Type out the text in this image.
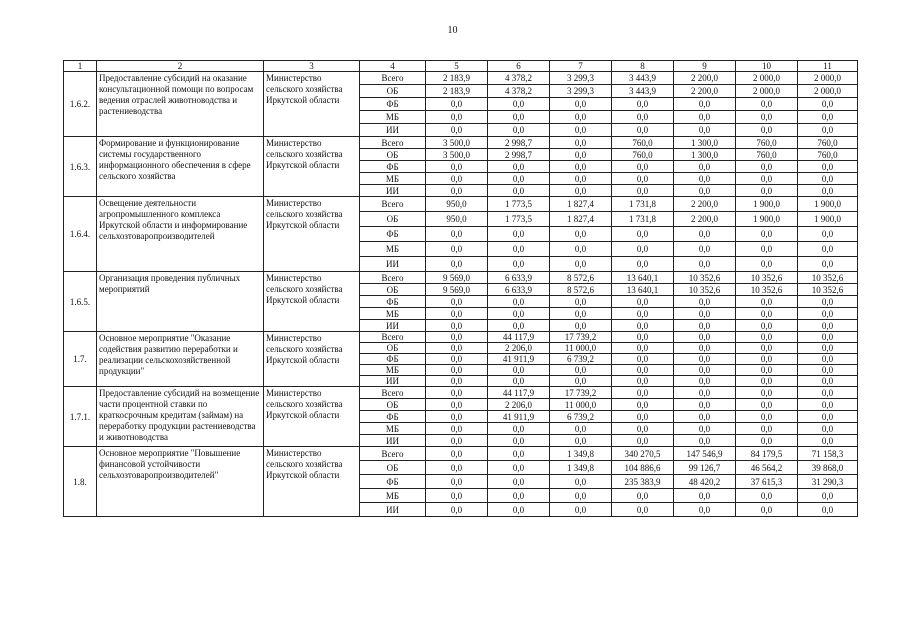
10
1	2	3	4	5	6	7	8	9	10	11
1.6.2.	Предоставление субсидий на оказание консультационной помощи по вопросам ведения отраслей животноводства и растениеводства	Министерство сельского хозяйства Иркутской области	Всего	2 183,9	4 378,2	3 299,3	3 443,9	2 200,0	2 000,0	2 000,0
			ОБ	2 183,9	4 378,2	3 299,3	3 443,9	2 200,0	2 000,0	2 000,0
			ФБ	0,0	0,0	0,0	0,0	0,0	0,0	0,0
			МБ	0,0	0,0	0,0	0,0	0,0	0,0	0,0
			ИИ	0,0	0,0	0,0	0,0	0,0	0,0	0,0
1.6.3.	Формирование и функционирование системы государственного информационного обеспечения в сфере сельского хозяйства	Министерство сельского хозяйства Иркутской области	Всего	3 500,0	2 998,7	0,0	760,0	1 300,0	760,0	760,0
			ОБ	3 500,0	2 998,7	0,0	760,0	1 300,0	760,0	760,0
			ФБ	0,0	0,0	0,0	0,0	0,0	0,0	0,0
			МБ	0,0	0,0	0,0	0,0	0,0	0,0	0,0
			ИИ	0,0	0,0	0,0	0,0	0,0	0,0	0,0
1.6.4.	Освещение деятельности агропромышленного комплекса Иркутской области и информирование сельхозтоваропроизводителей	Министерство сельского хозяйства Иркутской области	Всего	950,0	1 773,5	1 827,4	1 731,8	2 200,0	1 900,0	1 900,0
			ОБ	950,0	1 773,5	1 827,4	1 731,8	2 200,0	1 900,0	1 900,0
			ФБ	0,0	0,0	0,0	0,0	0,0	0,0	0,0
			МБ	0,0	0,0	0,0	0,0	0,0	0,0	0,0
			ИИ	0,0	0,0	0,0	0,0	0,0	0,0	0,0
1.6.5.	Организация проведения публичных мероприятий	Министерство сельского хозяйства Иркутской области	Всего	9 569,0	6 633,9	8 572,6	13 640,1	10 352,6	10 352,6	10 352,6
			ОБ	9 569,0	6 633,9	8 572,6	13 640,1	10 352,6	10 352,6	10 352,6
			ФБ	0,0	0,0	0,0	0,0	0,0	0,0	0,0
			МБ	0,0	0,0	0,0	0,0	0,0	0,0	0,0
			ИИ	0,0	0,0	0,0	0,0	0,0	0,0	0,0
1.7.	Основное мероприятие "Оказание содействия развитию переработки и реализации сельскохозяйственной продукции"	Министерство сельского хозяйства Иркутской области	Всего	0,0	44 117,9	17 739,2	0,0	0,0	0,0	0,0
			ОБ	0,0	2 206,0	11 000,0	0,0	0,0	0,0	0,0
			ФБ	0,0	41 911,9	6 739,2	0,0	0,0	0,0	0,0
			МБ	0,0	0,0	0,0	0,0	0,0	0,0	0,0
			ИИ	0,0	0,0	0,0	0,0	0,0	0,0	0,0
1.7.1.	Предоставление субсидий на возмещение части процентной ставки по краткосрочным кредитам (займам) на переработку продукции растениеводства и животноводства	Министерство сельского хозяйства Иркутской области	Всего	0,0	44 117,9	17 739,2	0,0	0,0	0,0	0,0
			ОБ	0,0	2 206,0	11 000,0	0,0	0,0	0,0	0,0
			ФБ	0,0	41 911,9	6 739,2	0,0	0,0	0,0	0,0
			МБ	0,0	0,0	0,0	0,0	0,0	0,0	0,0
			ИИ	0,0	0,0	0,0	0,0	0,0	0,0	0,0
1.8.	Основное мероприятие "Повышение финансовой устойчивости сельхозтоваропроизводителей"	Министерство сельского хозяйства Иркутской области	Всего	0,0	0,0	1 349,8	340 270,5	147 546,9	84 179,5	71 158,3
			ОБ	0,0	0,0	1 349,8	104 886,6	99 126,7	46 564,2	39 868,0
			ФБ	0,0	0,0	0,0	235 383,9	48 420,2	37 615,3	31 290,3
			МБ	0,0	0,0	0,0	0,0	0,0	0,0	0,0
			ИИ	0,0	0,0	0,0	0,0	0,0	0,0	0,0
